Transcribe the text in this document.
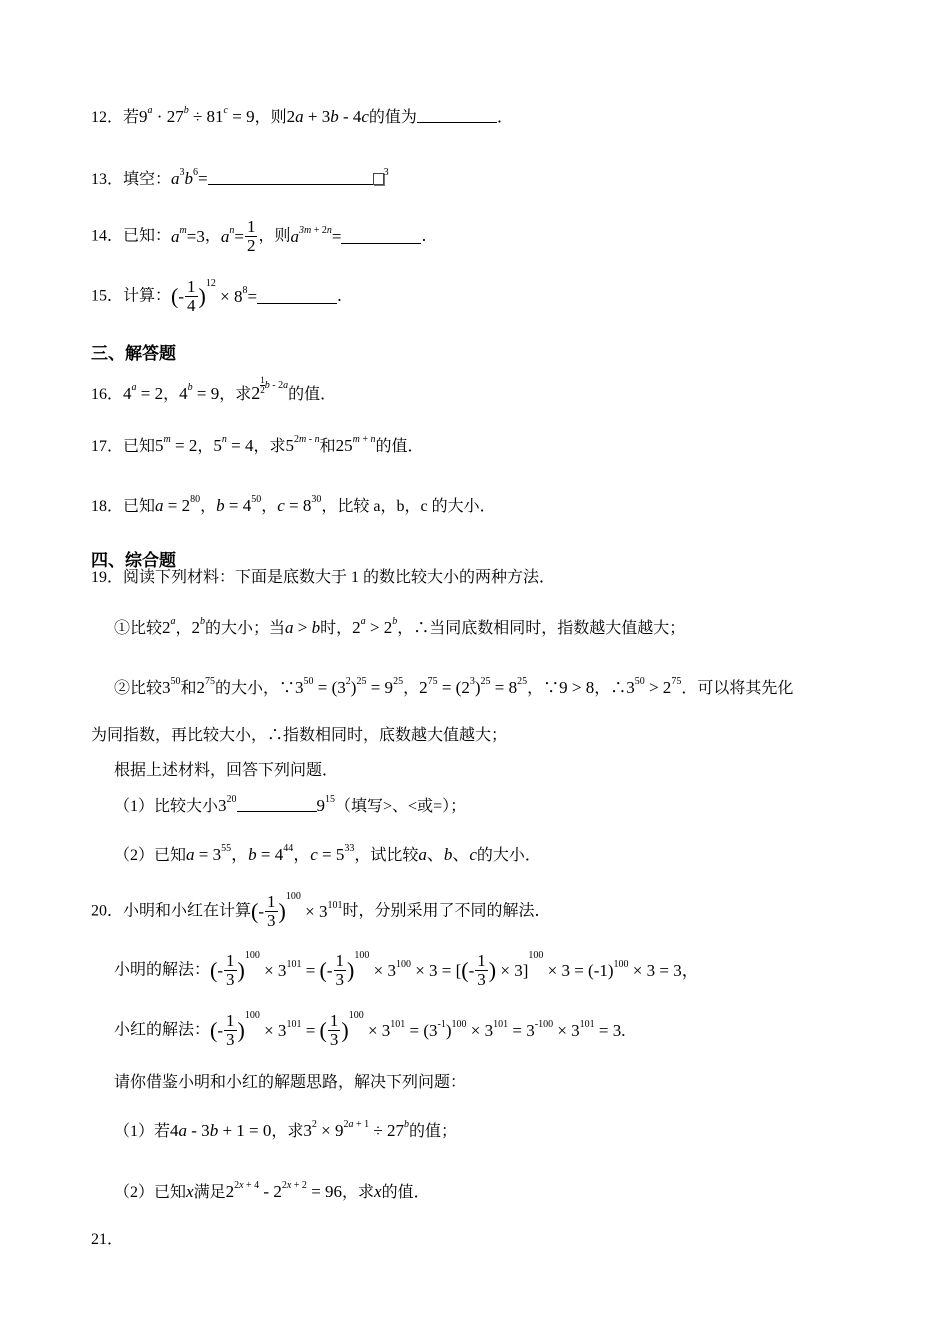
12．若$9^a \cdot 27^b \div 81^c = 9$，则2a + 3b - 4c的值为	．
13．填空：$a^3b^6=$	$^3$
14．已知：$a^m=3$，$a^n= \frac{1}{2}$ ，则$a^{3m + 2n}=$	．
15．计算：(- $\frac{1}{4} )^{12} \times 8^8=$	．
三、解答题
16．$4^a = 2$，$4^b = 9$，求$2 \frac{1}{2} ^{b - 2a}$的值．
17．已知$5^m = 2$，$5^n = 4$，求$5^{2m - n}$和$25^{m + n}$的值．
18．已知$a = 2^{80}$，$b = 4^{50}$，$c = 8^{30}$，比较 a，b，c 的大小．
四、综合题
19．阅读下列材料：下面是底数大于 1 的数比较大小的两种方法．
①比较2$^a$，2$^b$的大小；当a > b时，$2^a > 2^b$，∴当同底数相同时，指数越大值越大；
②比较$3^{50}$和$2^{75}$的大小，$\because 3^{50} = (3^2)^{25} = 9^{25}$，$2^{75} = (2^3)^{25} = 8^{25}$，∵9 > 8，$\therefore 3^{50} > 2^{75}$．可以将其先化
为同指数，再比较大小，∴指数相同时，底数越大值越大；
根据上述材料，回答下列问题．
（1）比较大小$3^{20}$	$9^{15}$（填写>、<或=）；
（2）已知$a = 3^{55}$，$b = 4^{44}$，$c = 5^{33}$，试比较a、b、c的大小．
20．小明和小红在计算(- $\frac{1}{3} )^{100} \times 3^{101}$时，分别采用了不同的解法．
小明的解法：(- $\frac{1}{3} )^{100} \times 3^{101}$ = (- $\frac{1}{3} )^{100} \times 3^{100} \times 3$ = [(- $\frac{1}{3}$ ) × $3]^{100} \times 3 = (-1)^{100} \times 3 = 3$，
小红的解法：(- $\frac{1}{3} )^{100} \times 3^{101}$ = ( $\frac{1}{3} )^{100} \times 3^{101} = (3^{-1})^{100} \times 3^{101} = 3^{-100} \times 3^{101} = 3$.
请你借鉴小明和小红的解题思路，解决下列问题：
（1）若4a - 3b + 1 = 0，求$3^2 \times 9^{2a + 1} \div 27^b$的值；
（2）已知x满足$2^{2x + 4} - 2^{2x + 2} = 96$，求x的值．
21．
